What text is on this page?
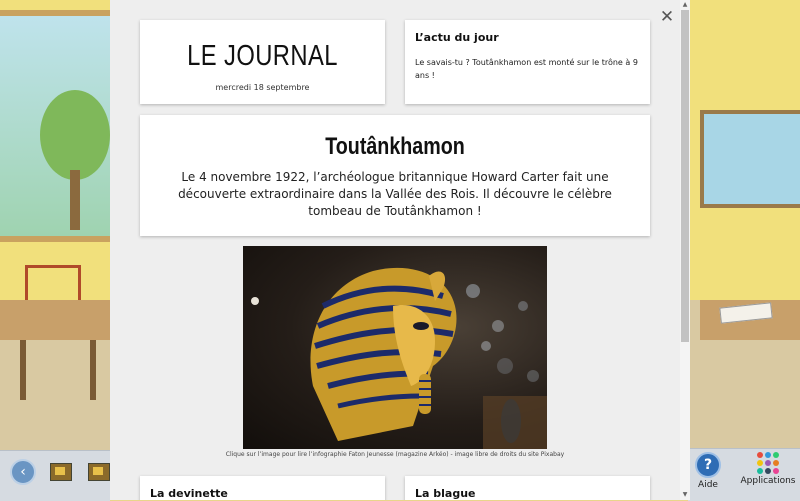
‹	?
Aide	Applications
LE JOURNAL
mercredi 18 septembre
L’actu du jour
Le savais-tu ? Toutânkhamon est monté sur le trône à 9 ans !
Toutânkhamon
Le 4 novembre 1922, l’archéologue britannique Howard Carter fait une découverte extraordinaire dans la Vallée des Rois. Il découvre le célèbre tombeau de Toutânkhamon !
Clique sur l’image pour lire l’infographie Faton Jeunesse (magazine Arkéo) - image libre de droits du site Pixabay
La devinette	La blague
✕
▲
▼
